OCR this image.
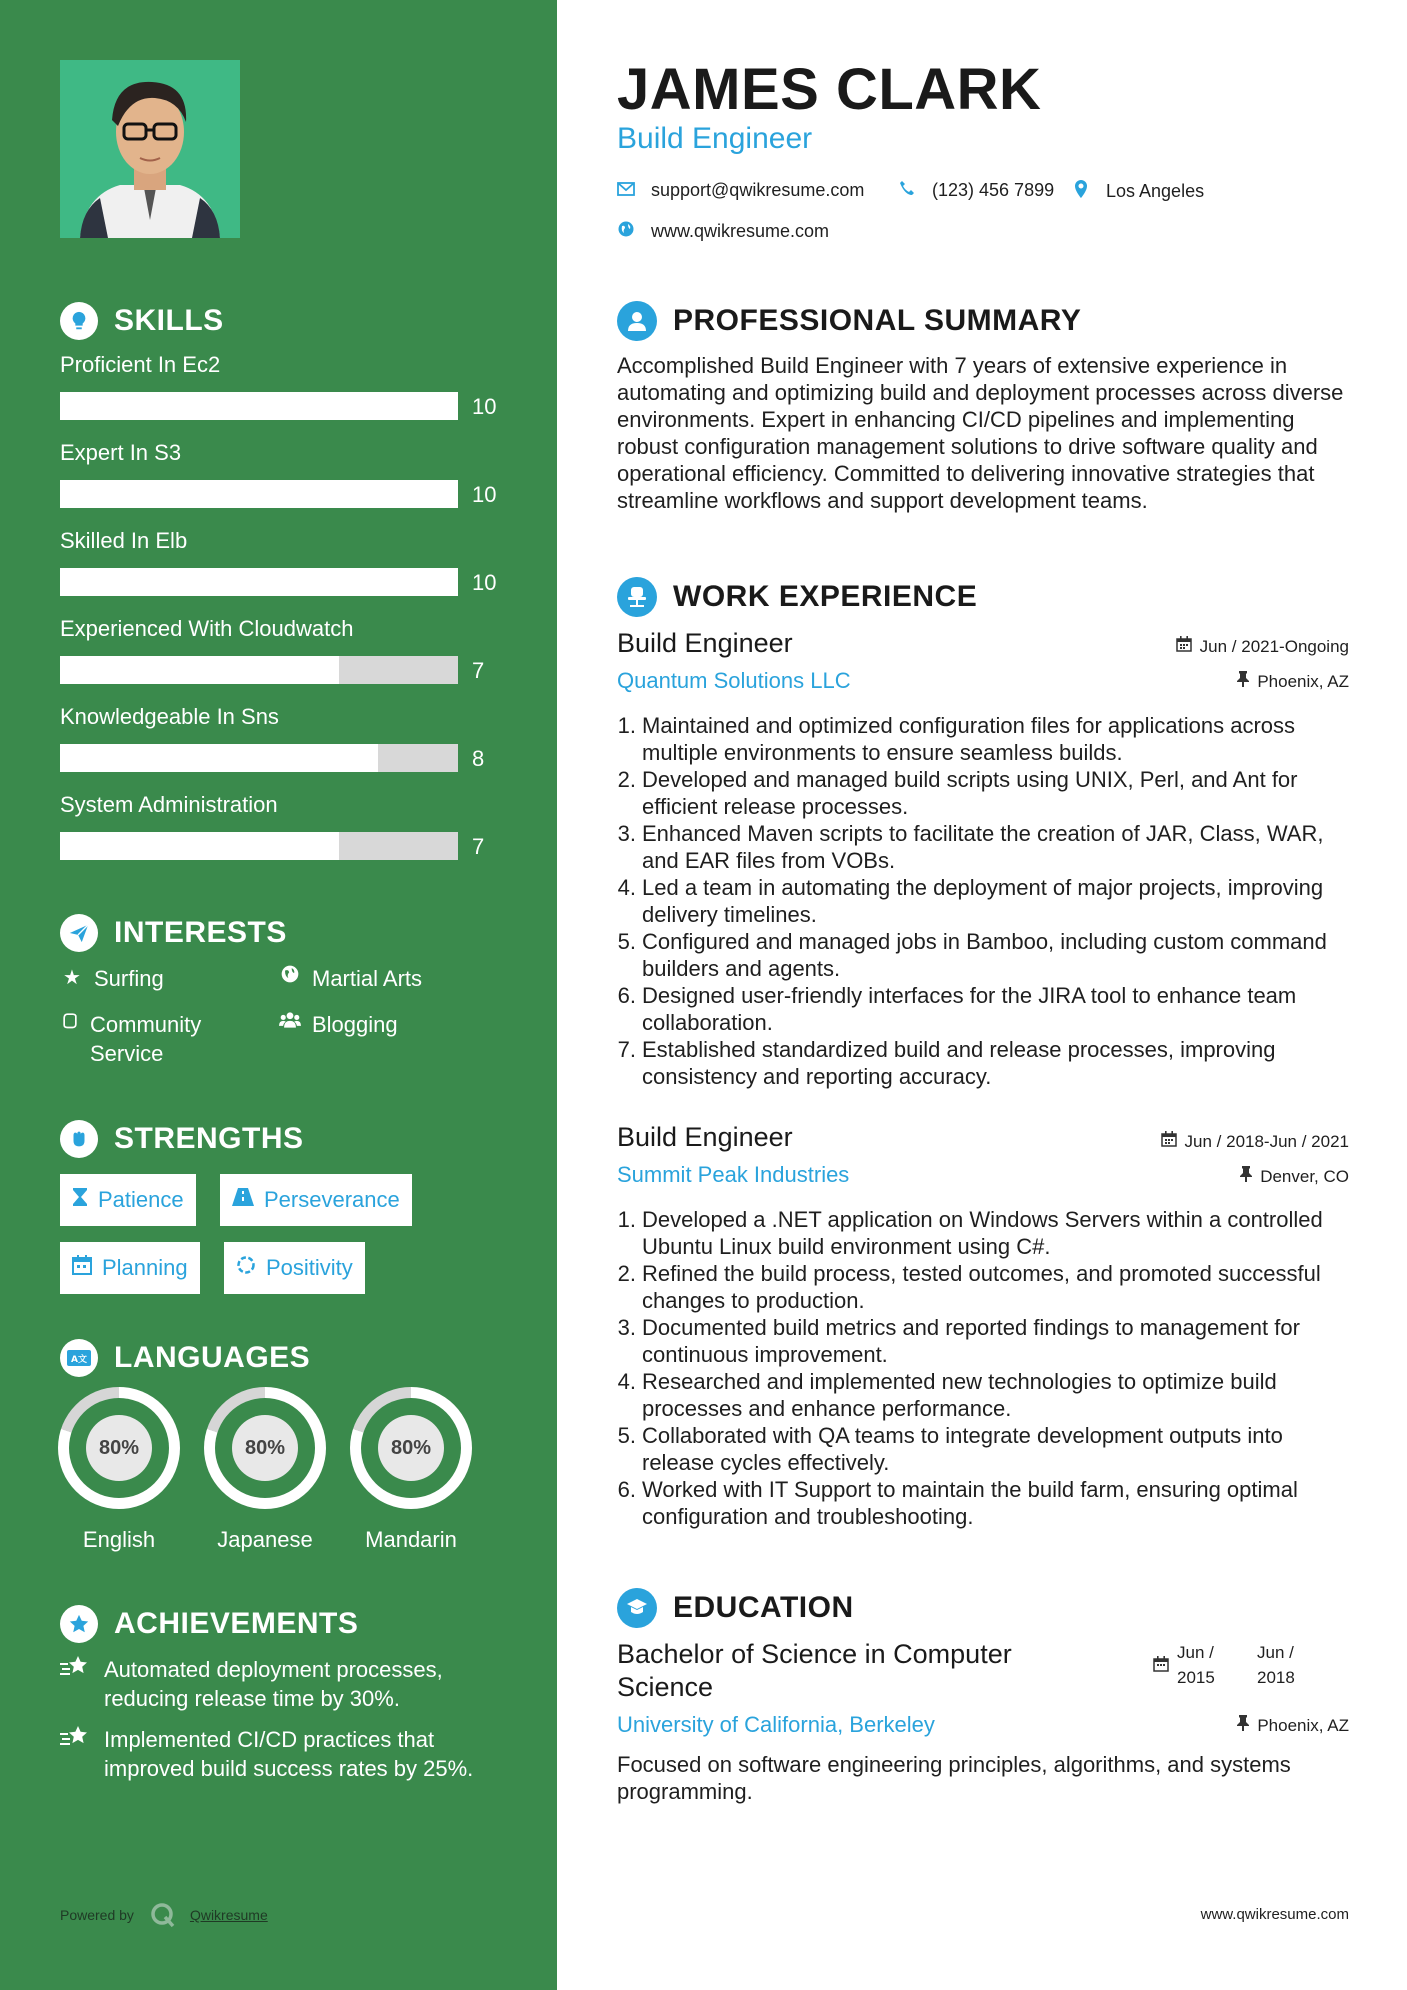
SKILLS
Proficient In Ec2
10
Expert In S3
10
Skilled In Elb
10
Experienced With Cloudwatch
7
Knowledgeable In Sns
8
System Administration
7
INTERESTS
★ Surfing	Martial Arts
Community Service
Blogging
STRENGTHS
Patience	Perseverance
Planning	Positivity
A文 LANGUAGES
80%
English
80%
Japanese
80%
Mandarin
ACHIEVEMENTS
Automated deployment processes, reducing release time by 30%.
Implemented CI/CD practices that improved build success rates by 25%.
Powered by	Qwikresume
JAMES CLARK
Build Engineer
support@qwikresume.com	(123) 456 7899	Los Angeles
www.qwikresume.com
PROFESSIONAL SUMMARY
Accomplished Build Engineer with 7 years of extensive experience in automating and optimizing build and deployment processes across diverse environments. Expert in enhancing CI/CD pipelines and implementing robust configuration management solutions to drive software quality and operational efficiency. Committed to delivering innovative strategies that streamline workflows and support development teams.
WORK EXPERIENCE
Build Engineer	Jun / 2021-Ongoing
Quantum Solutions LLC	Phoenix, AZ
1. Maintained and optimized configuration files for applications across multiple environments to ensure seamless builds.
2. Developed and managed build scripts using UNIX, Perl, and Ant for efficient release processes.
3. Enhanced Maven scripts to facilitate the creation of JAR, Class, WAR, and EAR files from VOBs.
4. Led a team in automating the deployment of major projects, improving delivery timelines.
5. Configured and managed jobs in Bamboo, including custom command builders and agents.
6. Designed user-friendly interfaces for the JIRA tool to enhance team collaboration.
7. Established standardized build and release processes, improving consistency and reporting accuracy.
Build Engineer	Jun / 2018-Jun / 2021
Summit Peak Industries	Denver, CO
1. Developed a .NET application on Windows Servers within a controlled Ubuntu Linux build environment using C#.
2. Refined the build process, tested outcomes, and promoted successful changes to production.
3. Documented build metrics and reported findings to management for continuous improvement.
4. Researched and implemented new technologies to optimize build processes and enhance performance.
5. Collaborated with QA teams to integrate development outputs into release cycles effectively.
6. Worked with IT Support to maintain the build farm, ensuring optimal configuration and troubleshooting.
EDUCATION
Bachelor of Science in Computer Science
Jun /
2015
Jun /
2018
University of California, Berkeley	Phoenix, AZ
Focused on software engineering principles, algorithms, and systems programming.
www.qwikresume.com
